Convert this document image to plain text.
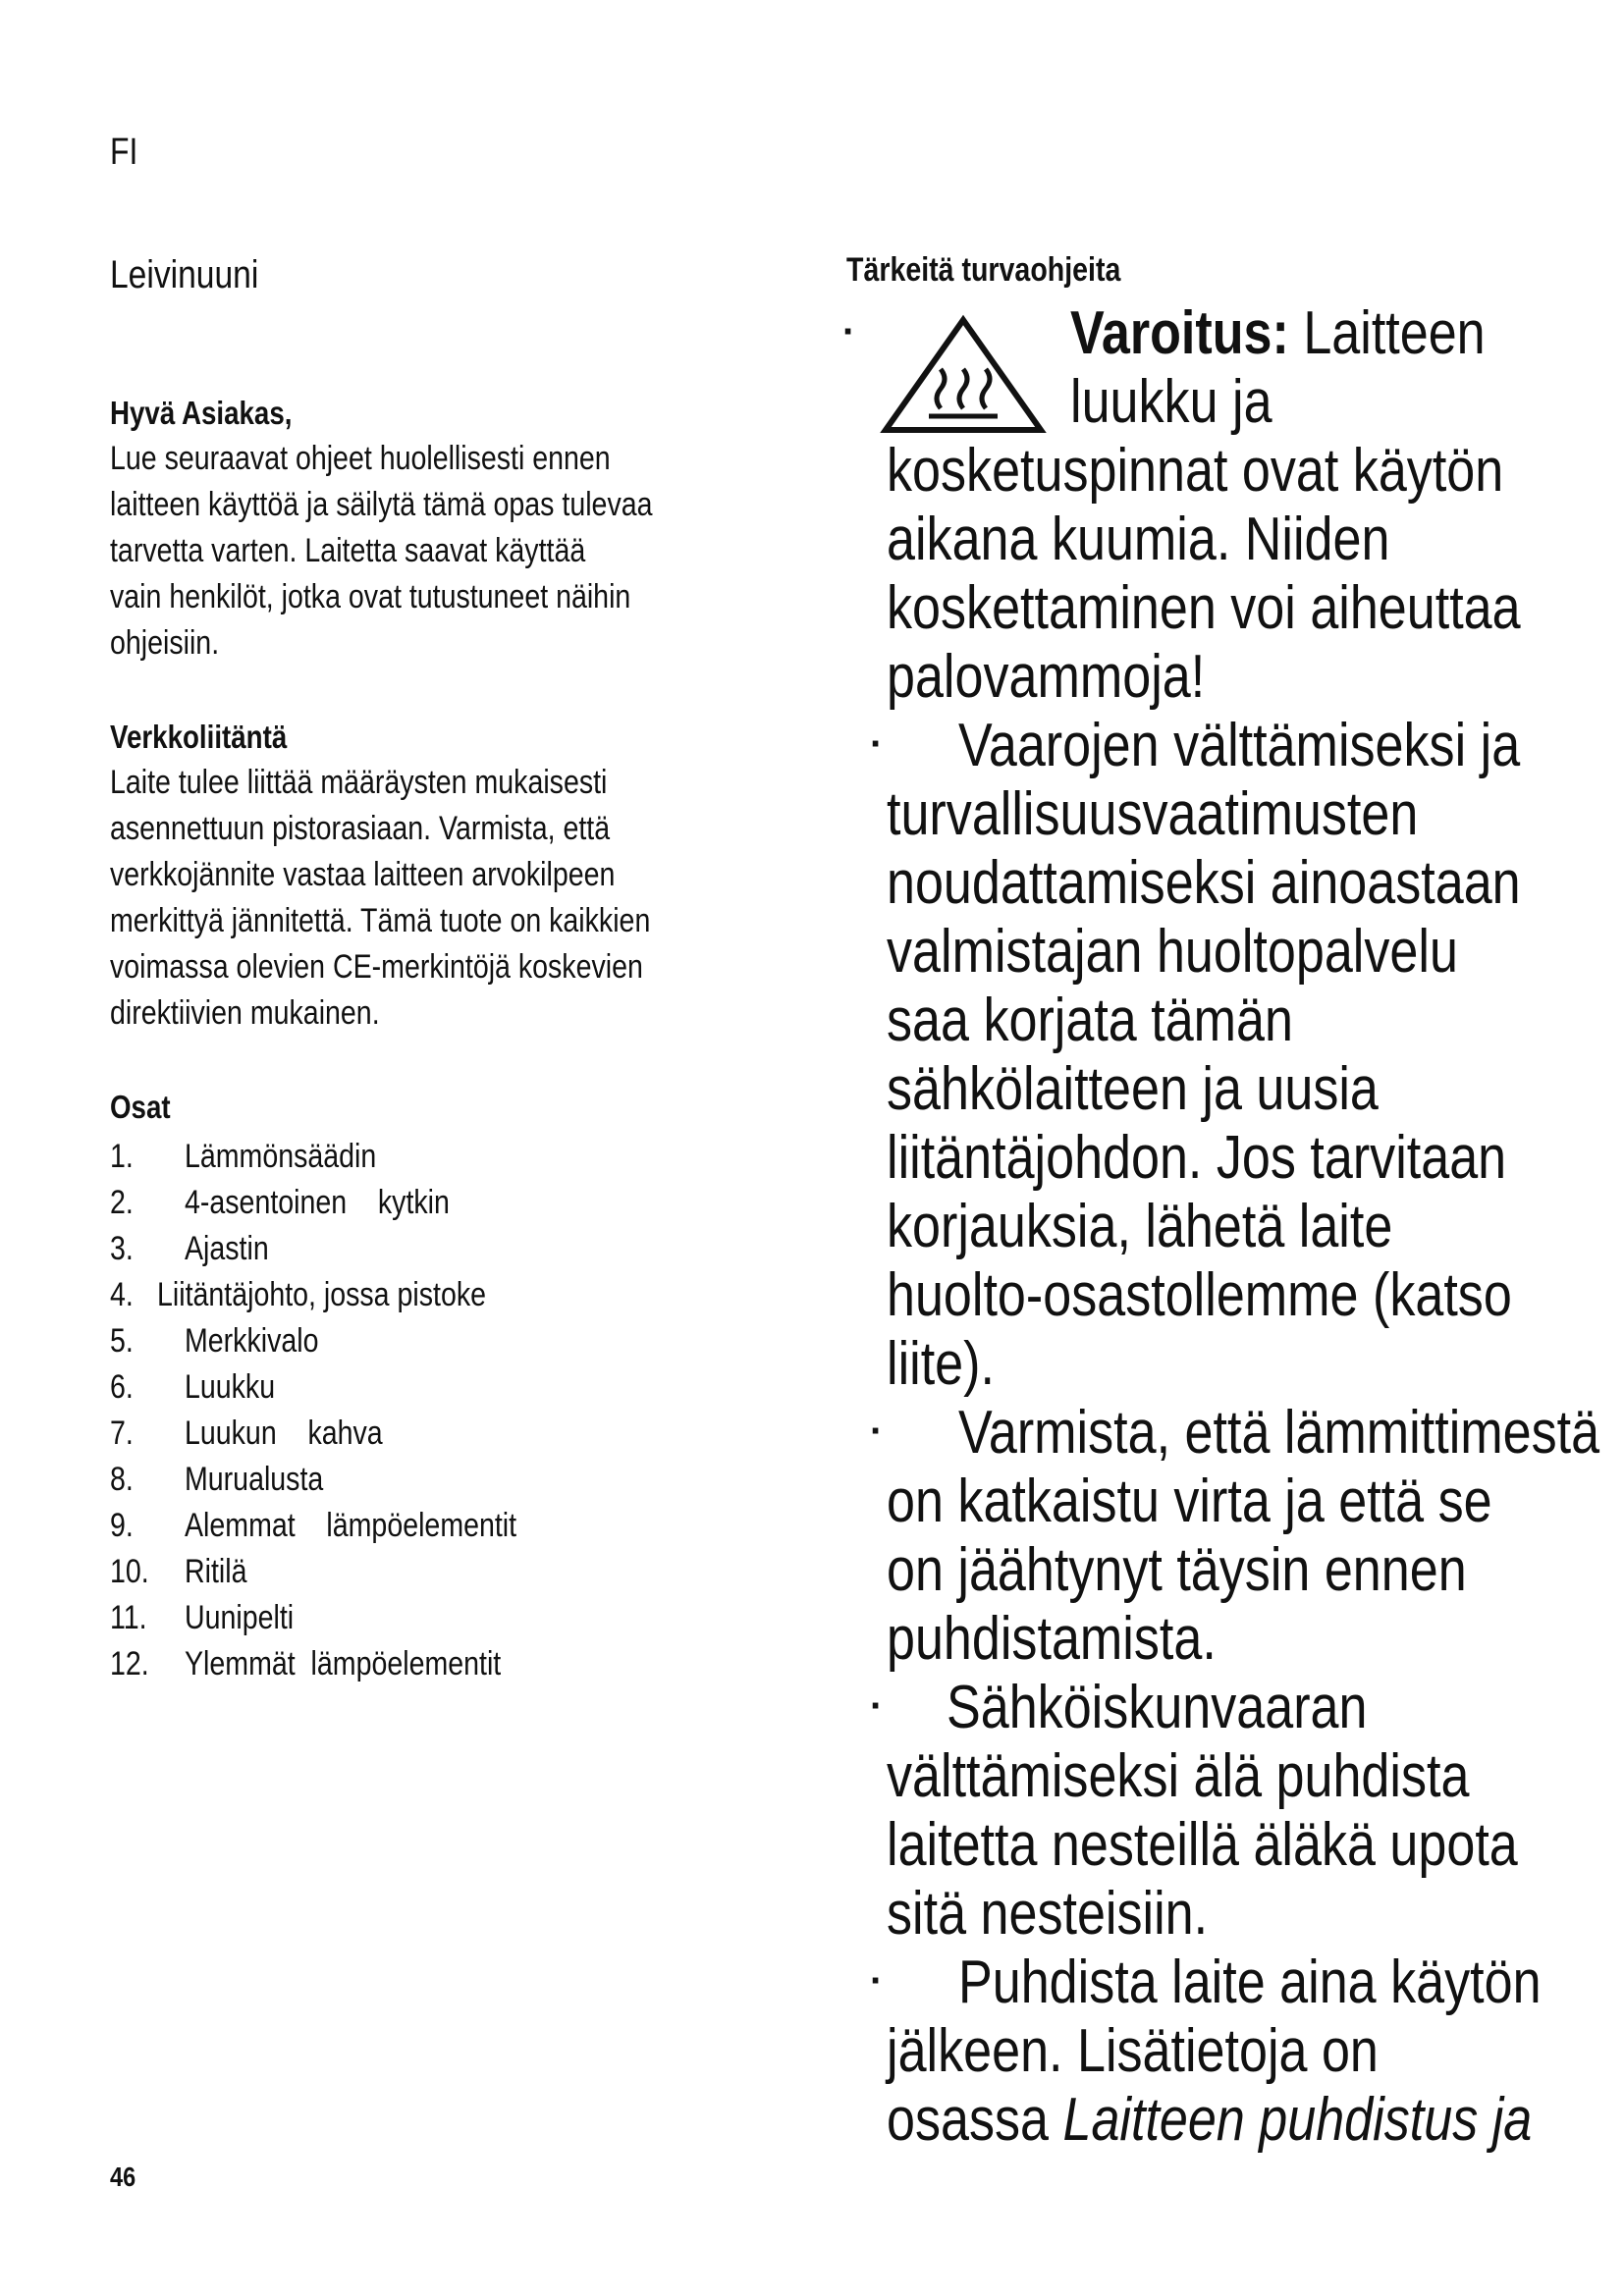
FI
Leivinuuni
Hyvä Asiakas,
Lue seuraavat ohjeet huolellisesti ennen
laitteen käyttöä ja säilytä tämä opas tulevaa
tarvetta varten. Laitetta saavat käyttää
vain henkilöt, jotka ovat tutustuneet näihin
ohjeisiin.
Verkkoliitäntä
Laite tulee liittää määräysten mukaisesti
asennettuun pistorasiaan. Varmista, että
verkkojännite vastaa laitteen arvokilpeen
merkittyä jännitettä. Tämä tuote on kaikkien
voimassa olevien CE-merkintöjä koskevien
direktiivien mukainen.
Osat
1. Lämmönsäädin
2. 4-asentoinen    kytkin
3. Ajastin
4. Liitäntäjohto, jossa pistoke
5. Merkkivalo
6. Luukku
7. Luukun    kahva
8. Murualusta
9. Alemmat    lämpöelementit
10. Ritilä
11. Uunipelti
12. Ylemmät  lämpöelementit
46
Tärkeitä turvaohjeita
·	Varoitus: Laitteen
luukku ja
kosketuspinnat ovat käytön
aikana kuumia. Niiden
koskettaminen voi aiheuttaa
palovammoja!
· Vaarojen välttämiseksi ja
turvallisuusvaatimusten
noudattamiseksi ainoastaan
valmistajan huoltopalvelu
saa korjata tämän
sähkölaitteen ja uusia
liitäntäjohdon. Jos tarvitaan
korjauksia, lähetä laite
huolto-osastollemme (katso
liite).
· Varmista, että lämmittimestä
on katkaistu virta ja että se
on jäähtynyt täysin ennen
puhdistamista.
· Sähköiskunvaaran
välttämiseksi älä puhdista
laitetta nesteillä äläkä upota
sitä nesteisiin.
· Puhdista laite aina käytön
jälkeen. Lisätietoja on
osassa Laitteen puhdistus ja
